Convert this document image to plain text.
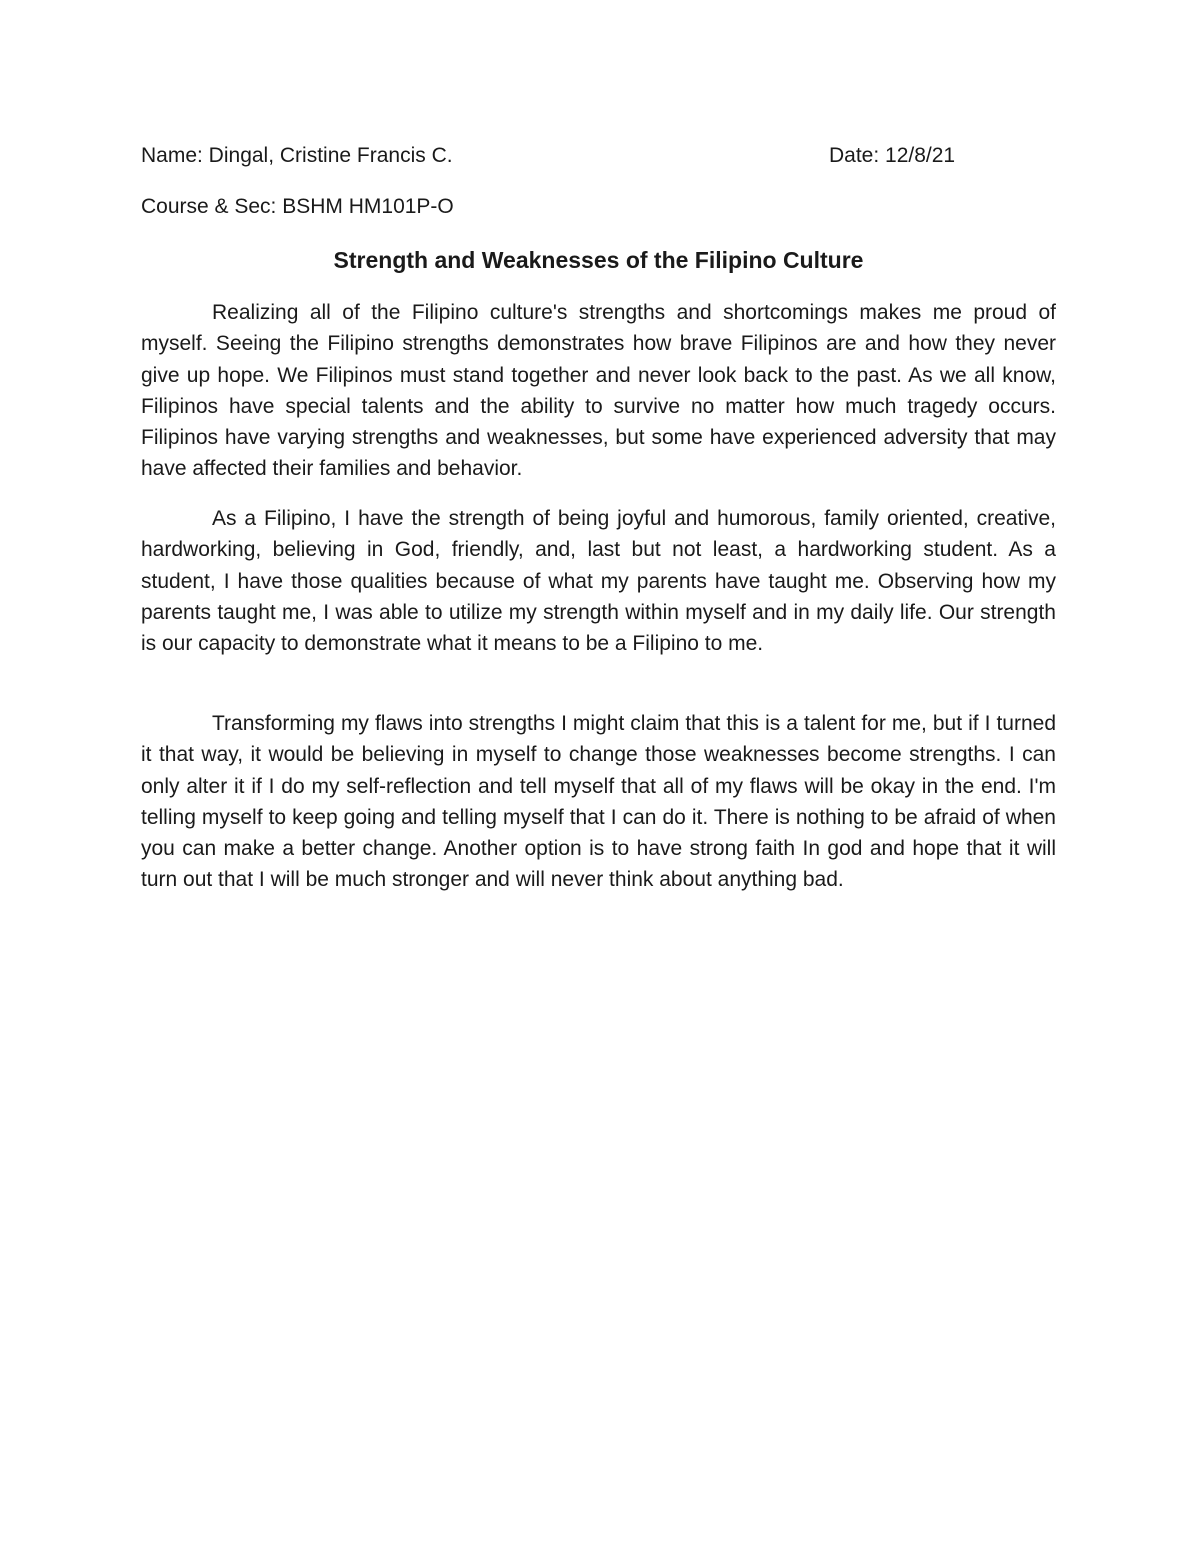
Name: Dingal, Cristine Francis C.	Date: 12/8/21
Course & Sec: BSHM HM101P-O
Strength and Weaknesses of the Filipino Culture

Realizing all of the Filipino culture's strengths and shortcomings makes me proud of myself. Seeing the Filipino strengths demonstrates how brave Filipinos are and how they never give up hope. We Filipinos must stand together and never look back to the past. As we all know, Filipinos have special talents and the ability to survive no matter how much tragedy occurs. Filipinos have varying strengths and weaknesses, but some have experienced adversity that may have affected their families and behavior.

As a Filipino, I have the strength of being joyful and humorous, family oriented, creative, hardworking, believing in God, friendly, and, last but not least, a hardworking student. As a student, I have those qualities because of what my parents have taught me. Observing how my parents taught me, I was able to utilize my strength within myself and in my daily life. Our strength is our capacity to demonstrate what it means to be a Filipino to me.

Transforming my flaws into strengths I might claim that this is a talent for me, but if I turned it that way, it would be believing in myself to change those weaknesses become strengths. I can only alter it if I do my self-reflection and tell myself that all of my flaws will be okay in the end. I'm telling myself to keep going and telling myself that I can do it. There is nothing to be afraid of when you can make a better change. Another option is to have strong faith In god and hope that it will turn out that I will be much stronger and will never think about anything bad.
